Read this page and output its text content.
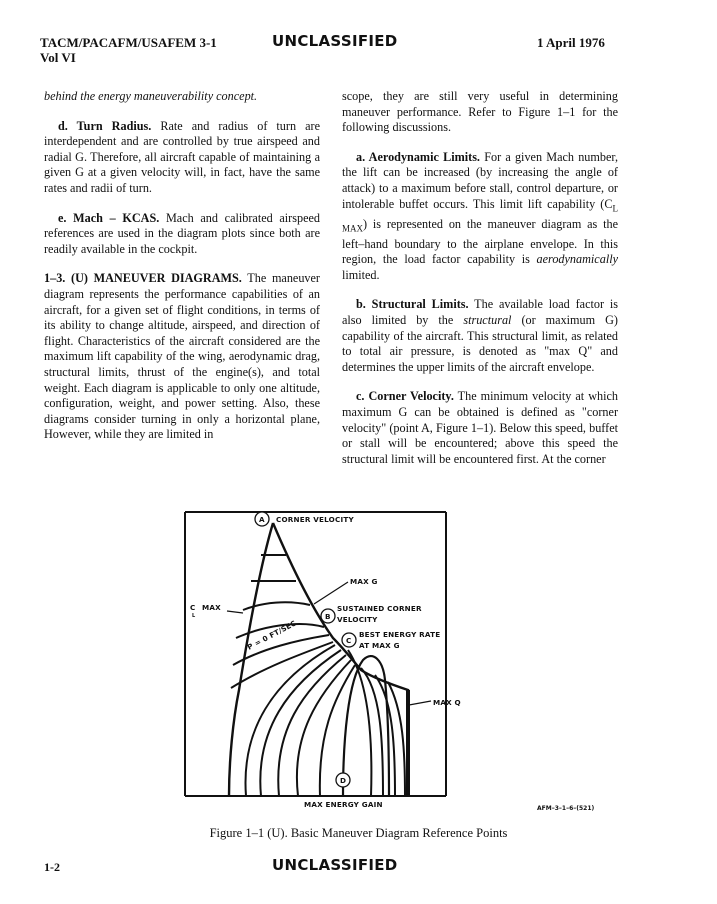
TACM/PACAFM/USAFEM 3-1
Vol VI
UNCLASSIFIED	1 April 1976

behind the energy maneuverability concept.

d. Turn Radius. Rate and radius of turn are interdependent and are controlled by true airspeed and radial G. Therefore, all aircraft capable of maintaining a given G at a given velocity will, in fact, have the same rates and radii of turn.

e. Mach – KCAS. Mach and calibrated airspeed references are used in the diagram plots since both are readily available in the cockpit.

1–3. (U) MANEUVER DIAGRAMS. The maneuver diagram represents the performance capabilities of an aircraft, for a given set of flight conditions, in terms of its ability to change altitude, airspeed, and direction of flight. Characteristics of the aircraft considered are the maximum lift capability of the wing, aerodynamic drag, structural limits, thrust of the engine(s), and total weight. Each diagram is applicable to only one altitude, configuration, weight, and power setting. Also, these diagrams consider turning in only a horizontal plane, However, while they are limited in

scope, they are still very useful in determining maneuver performance. Refer to Figure 1–1 for the following discussions.

a. Aerodynamic Limits. For a given Mach number, the lift can be increased (by increasing the angle of attack) to a maximum before stall, control departure, or intolerable buffet occurs. This limit lift capability $(C_{L MAX})$ is represented on the maneuver diagram as the left–hand boundary to the airplane envelope. In this region, the load factor capability is aerodynamically limited.

b. Structural Limits. The available load factor is also limited by the structural (or maximum G) capability of the aircraft. This structural limit, as related to total air pressure, is denoted as "max Q" and determines the upper limits of the aircraft envelope.

c. Corner Velocity. The minimum velocity at which maximum G can be obtained is defined as "corner velocity" (point A, Figure 1–1). Below this speed, buffet or stall will be encountered; above this speed the structural limit will be encountered first. At the corner

A CORNER VELOCITY
MAX G
C
L
MAX
B
SUSTAINED CORNER
VELOCITY
P = 0 FT/SEC	C
BEST ENERGY RATE
AT MAX G
MAX Q
D
MAX ENERGY GAIN	AFM–3–1–6–(521)
Figure 1–1 (U). Basic Maneuver Diagram Reference Points
1-2	UNCLASSIFIED
